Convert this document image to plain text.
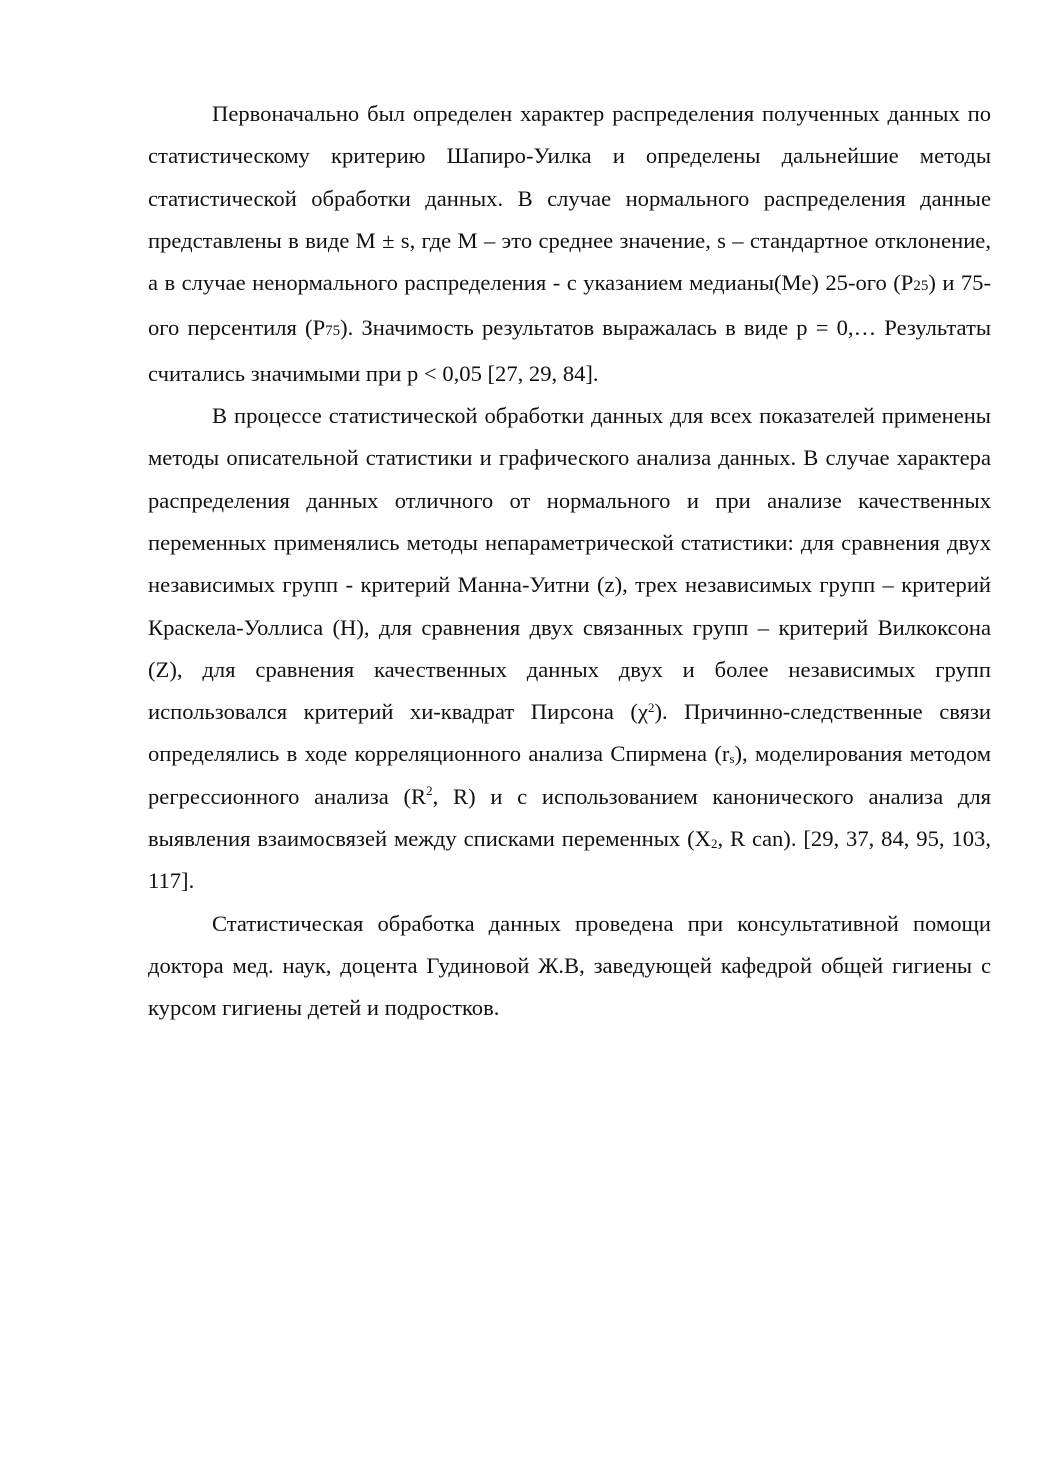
Первоначально был определен характер распределения полученных данных по статистическому критерию Шапиро-Уилка и определены дальнейшие методы статистической обработки данных. В случае нормального распределения данные представлены в виде М ± s, где М – это среднее значение, s – стандартное отклонение, а в случае ненормального распределения - с указанием медианы(Ме) 25-ого (Р25) и 75-ого персентиля (Р75). Значимость результатов выражалась в виде p = 0,… Результаты считались значимыми при p < 0,05 [27, 29, 84].

В процессе статистической обработки данных для всех показателей применены методы описательной статистики и графического анализа данных. В случае характера распределения данных отличного от нормального и при анализе качественных переменных применялись методы непараметрической статистики: для сравнения двух независимых групп - критерий Манна-Уитни (z), трех независимых групп – критерий Краскела-Уоллиса (H), для сравнения двух связанных групп – критерий Вилкоксона (Z), для сравнения качественных данных двух и более независимых групп использовался критерий хи-квадрат Пирсона $(\chi^2)$. Причинно-следственные связи определялись в ходе корреляционного анализа Спирмена $(r_s)$, моделирования методом регрессионного анализа ($R^2$, R) и с использованием канонического анализа для выявления взаимосвязей между списками переменных ($X_2$, R can). [29, 37, 84, 95, 103, 117].

Статистическая обработка данных проведена при консультативной помощи доктора мед. наук, доцента Гудиновой Ж.В, заведующей кафедрой общей гигиены с курсом гигиены детей и подростков.
